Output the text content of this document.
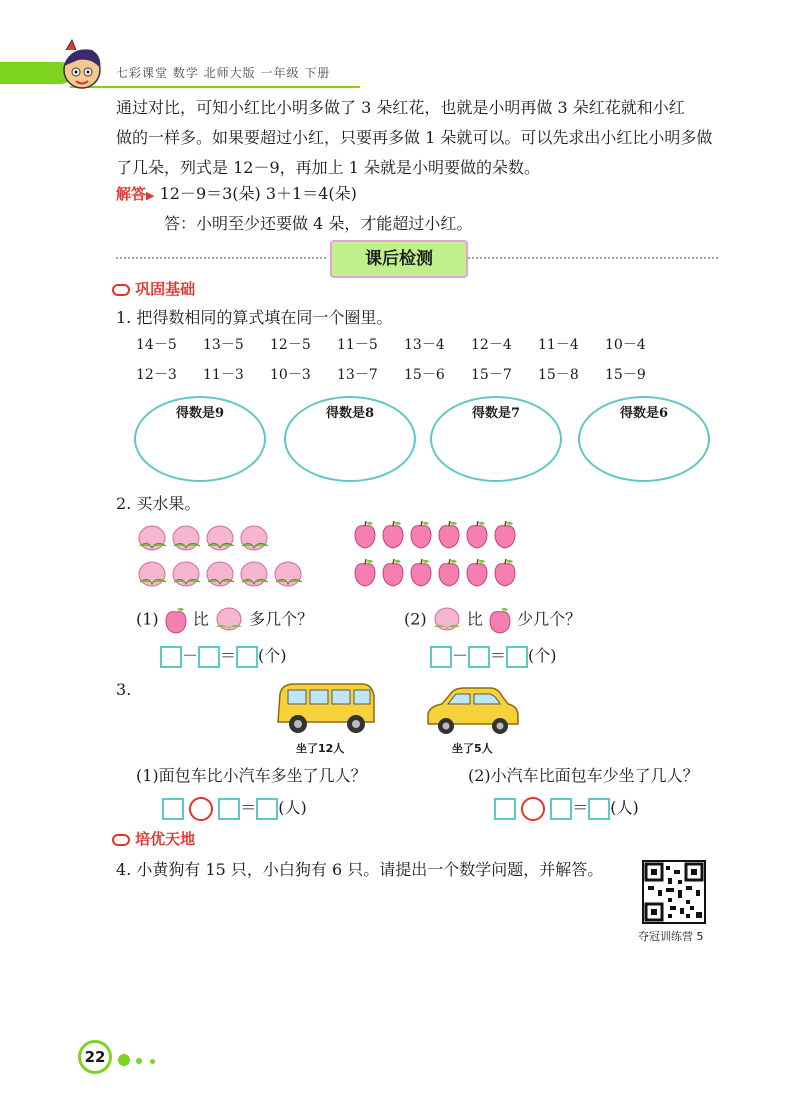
七彩课堂 数学 北师大版 一年级 下册
通过对比，可知小红比小明多做了 3 朵红花，也就是小明再做 3 朵红花就和小红
做的一样多。如果要超过小红，只要再多做 1 朵就可以。可以先求出小红比小明多做
了几朵，列式是 12－9，再加上 1 朵就是小明要做的朵数。
解答▶ 12－9＝3(朵) 3＋1＝4(朵)
答：小明至少还要做 4 朵，才能超过小红。
课后检测
巩固基础
1. 把得数相同的算式填在同一个圈里。
14－5 13－5 12－5 11－5 13－4 12－4 11－4 10－4
12－3 11－3 10－3 13－7 15－6 15－7 15－8 15－9
得数是9	得数是8	得数是7	得数是6
2. 买水果。
(1) 比	多几个？
－ ＝ (个)
(2)	比 少几个？
－ ＝ (个)
3.
坐了12人	坐了5人
(1)面包车比小汽车多坐了几人？	(2)小汽车比面包车少坐了几人？
＝ (人)	＝ (人)
培优天地
4. 小黄狗有 15 只，小白狗有 6 只。请提出一个数学问题，并解答。
夺冠训练营 5
22
